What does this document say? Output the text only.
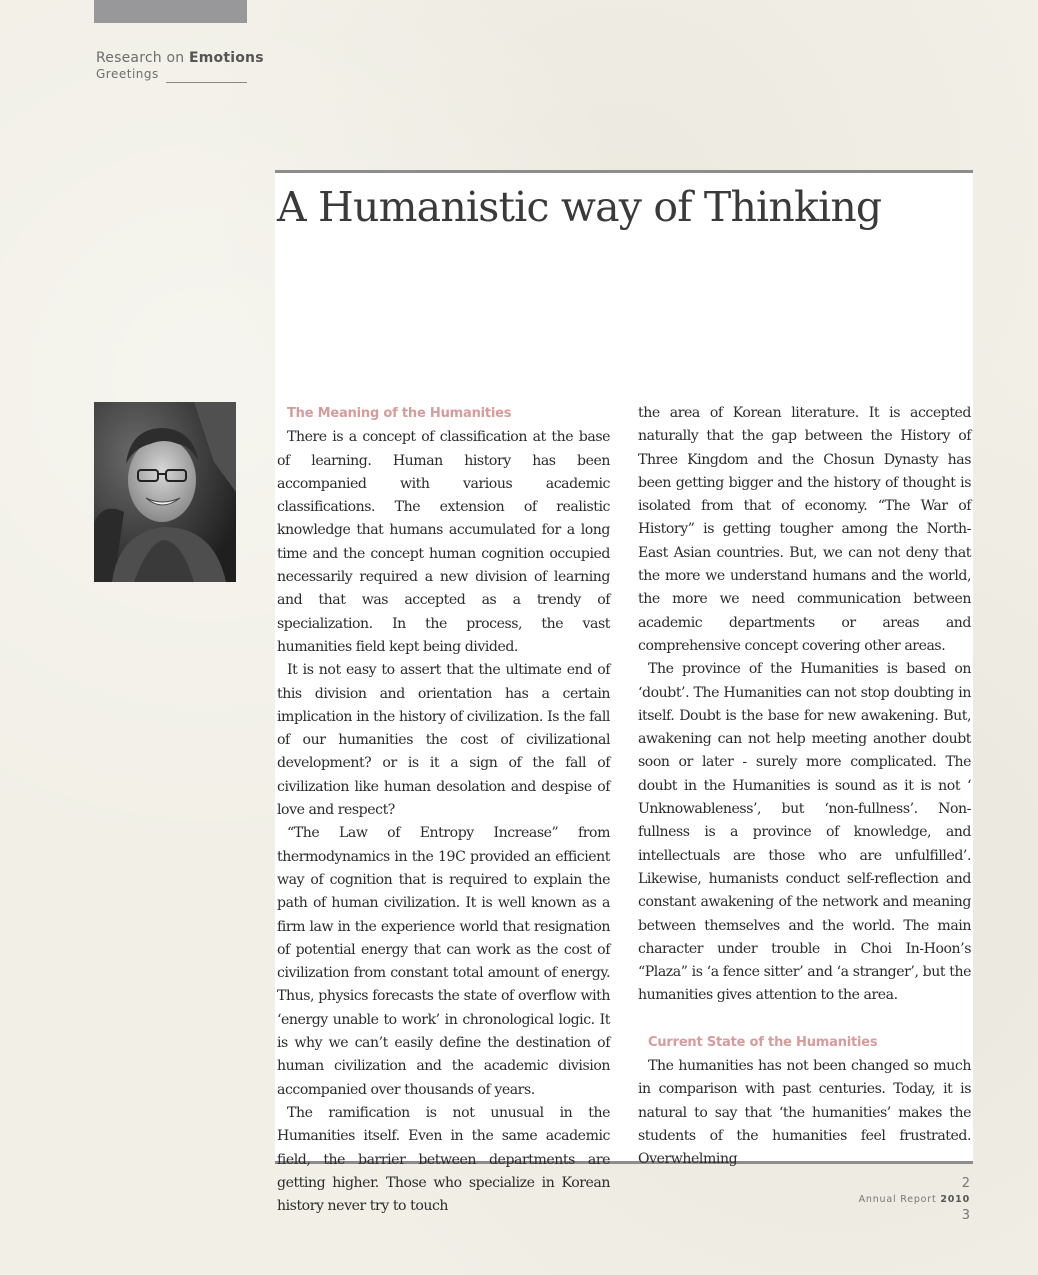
Research on Emotions
Greetings
A Humanistic way of Thinking
The Meaning of the Humanities

There is a concept of classification at the base of learning. Human history has been accompanied with various academic classifications. The extension of realistic knowledge that humans accumulated for a long time and the concept human cognition occupied necessarily required a new division of learning and that was accepted as a trendy of specialization. In the process, the vast humanities field kept being divided.

It is not easy to assert that the ultimate end of this division and orientation has a certain implication in the history of civilization. Is the fall of our humanities the cost of civilizational development? or is it a sign of the fall of civilization like human desolation and despise of love and respect?

“The Law of Entropy Increase” from thermodynamics in the 19C provided an efficient way of cognition that is required to explain the path of human civilization. It is well known as a firm law in the experience world that resignation of potential energy that can work as the cost of civilization from constant total amount of energy. Thus, physics forecasts the state of overflow with ‘energy unable to work’ in chronological logic. It is why we can’t easily define the destination of human civilization and the academic division accompanied over thousands of years.

The ramification is not unusual in the Humanities itself. Even in the same academic field, the barrier between departments are getting higher. Those who specialize in Korean history never try to touch

the area of Korean literature. It is accepted naturally that the gap between the History of Three Kingdom and the Chosun Dynasty has been getting bigger and the history of thought is isolated from that of economy. “The War of History” is getting tougher among the North-East Asian countries. But, we can not deny that the more we understand humans and the world, the more we need communication between academic departments or areas and comprehensive concept covering other areas.

The province of the Humanities is based on ‘doubt’. The Humanities can not stop doubting in itself. Doubt is the base for new awakening. But, awakening can not help meeting another doubt soon or later - surely more complicated. The doubt in the Humanities is sound as it is not ‘ Unknowableness’, but ‘non-fullness’. Non-fullness is a province of knowledge, and intellectuals are those who are unfulfilled’. Likewise, humanists conduct self-reflection and constant awakening of the network and meaning between themselves and the world. The main character under trouble in Choi In-Hoon’s “Plaza” is ‘a fence sitter’ and ‘a stranger’, but the humanities gives attention to the area.

Current State of the Humanities

The humanities has not been changed so much in comparison with past centuries. Today, it is natural to say that ‘the humanities’ makes the students of the humanities feel frustrated. Overwhelming

2
Annual Report 2010
3
